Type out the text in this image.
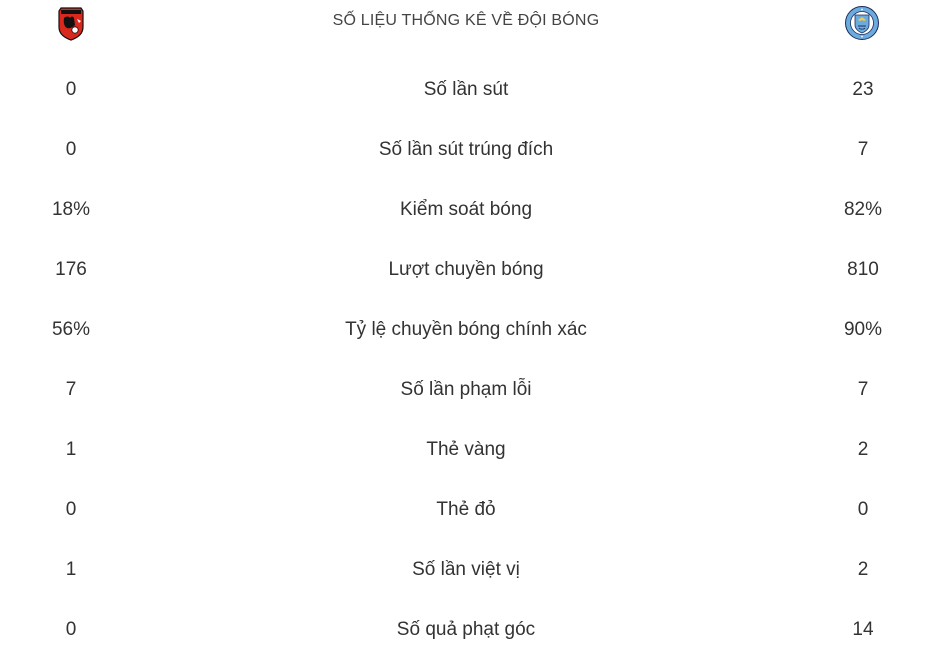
SỐ LIỆU THỐNG KÊ VỀ ĐỘI BÓNG
0	Số lần sút	23
0	Số lần sút trúng đích	7
18%	Kiểm soát bóng	82%
176	Lượt chuyền bóng	810
56%	Tỷ lệ chuyền bóng chính xác	90%
7	Số lần phạm lỗi	7
1	Thẻ vàng	2
0	Thẻ đỏ	0
1	Số lần việt vị	2
0	Số quả phạt góc	14
